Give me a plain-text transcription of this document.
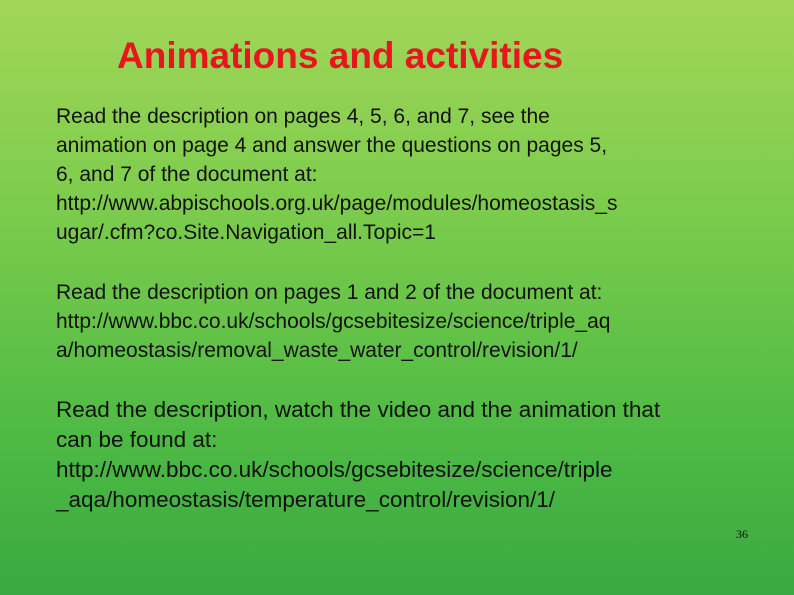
Animations and activities

Read the description on pages 4, 5, 6, and 7, see the
animation on page 4 and answer the questions on pages 5,
6, and 7 of the document at:
http://www.abpischools.org.uk/page/modules/homeostasis_s
ugar/.cfm?co.Site.Navigation_all.Topic=1

Read the description on pages 1 and 2 of the document at:
http://www.bbc.co.uk/schools/gcsebitesize/science/triple_aq
a/homeostasis/removal_waste_water_control/revision/1/

Read the description, watch the video and the animation that
can be found at:
http://www.bbc.co.uk/schools/gcsebitesize/science/triple
_aqa/homeostasis/temperature_control/revision/1/

36
